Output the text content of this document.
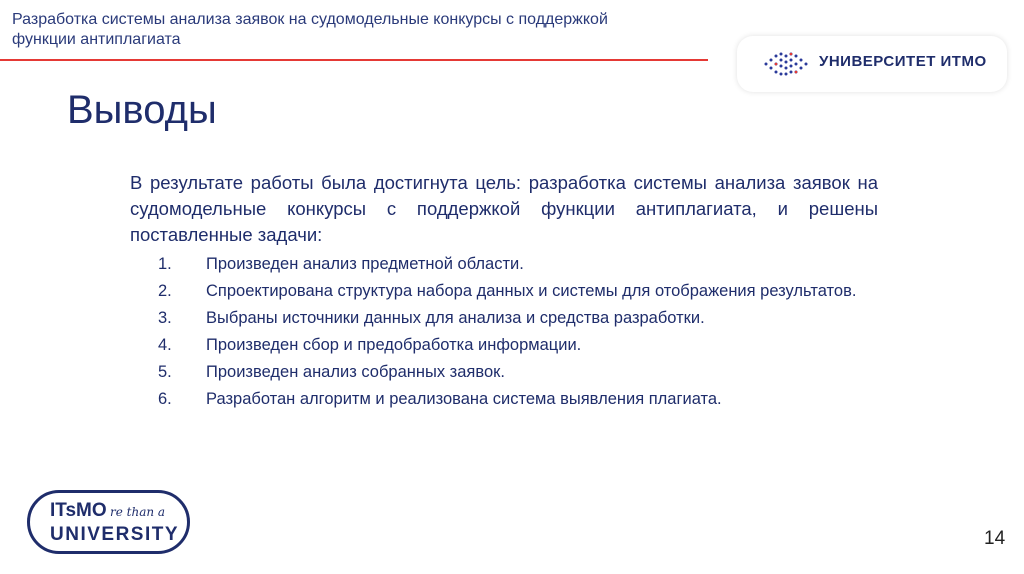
Разработка системы анализа заявок на судомодельные конкурсы с поддержкой функции антиплагиата
УНИВЕРСИТЕТ ИТМО
Выводы
В результате работы была достигнута цель: разработка системы анализа заявок на судомодельные конкурсы с поддержкой функции антиплагиата, и решены поставленные задачи:
1.	Произведен анализ предметной области.
2.	Спроектирована структура набора данных и системы для отображения результатов.
3.	Выбраны источники данных для анализа и средства разработки.
4.	Произведен сбор и предобработка информации.
5.	Произведен анализ собранных заявок.
6.	Разработан алгоритм и реализована система выявления плагиата.
ITsMO re than a
UNIVERSITY	14
